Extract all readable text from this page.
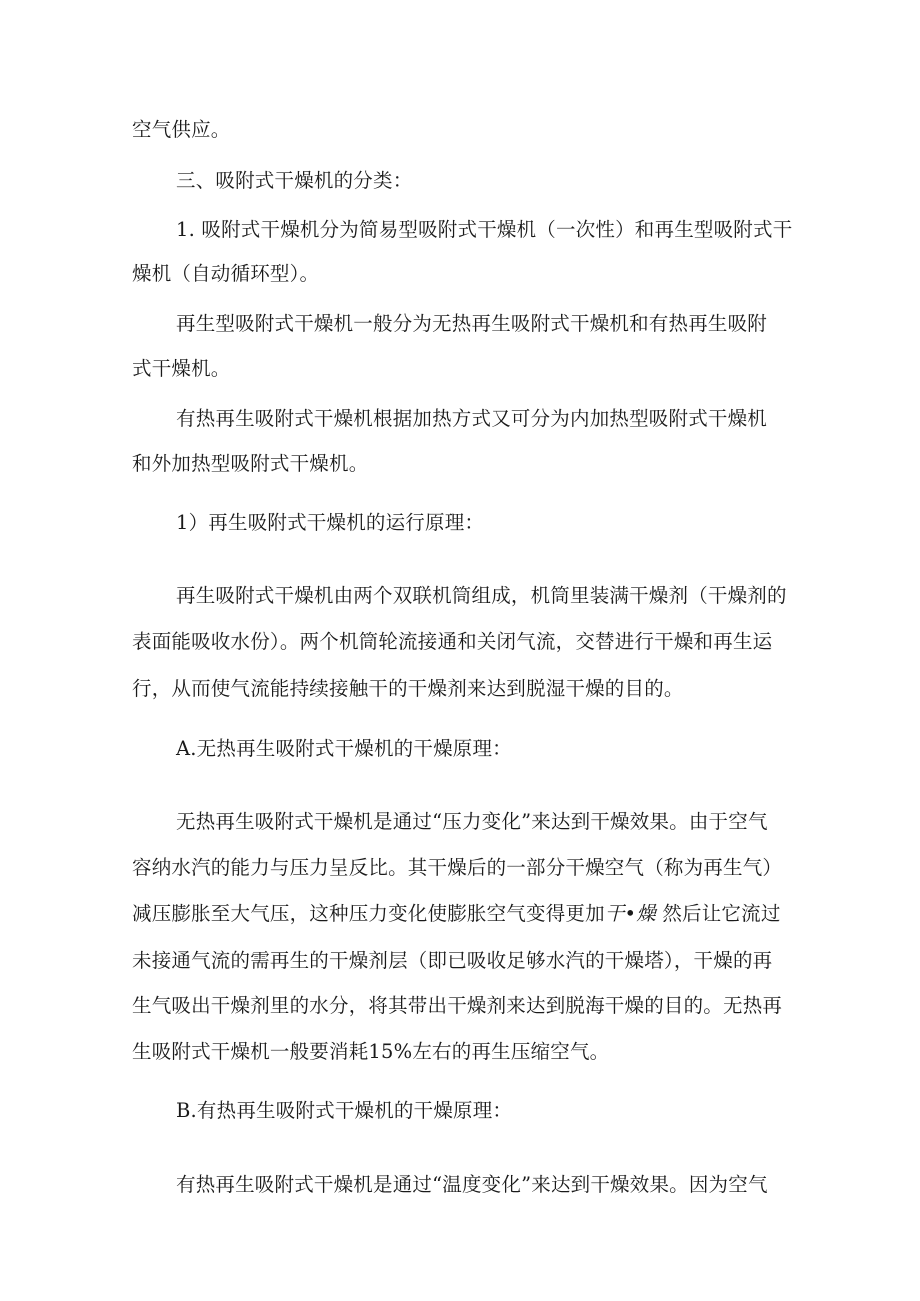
空气供应。

三、吸附式干燥机的分类：

1. 吸附式干燥机分为简易型吸附式干燥机（一次性）和再生型吸附式干

燥机（自动循环型）。

再生型吸附式干燥机一般分为无热再生吸附式干燥机和有热再生吸附

式干燥机。

有热再生吸附式干燥机根据加热方式又可分为内加热型吸附式干燥机

和外加热型吸附式干燥机。

1）再生吸附式干燥机的运行原理：

再生吸附式干燥机由两个双联机筒组成，机筒里装满干燥剂（干燥剂的

表面能吸收水份）。两个机筒轮流接通和关闭气流，交替进行干燥和再生运

行，从而使气流能持续接触干的干燥剂来达到脱湿干燥的目的。

A.无热再生吸附式干燥机的干燥原理：

无热再生吸附式干燥机是通过“压力变化”来达到干燥效果。由于空气

容纳水汽的能力与压力呈反比。其干燥后的一部分干燥空气（称为再生气）

减压膨胀至大气压，这种压力变化使膨胀空气变得更加干•燥 然后让它流过

未接通气流的需再生的干燥剂层（即已吸收足够水汽的干燥塔），干燥的再

生气吸出干燥剂里的水分，将其带出干燥剂来达到脱海干燥的目的。无热再

生吸附式干燥机一般要消耗15%左右的再生压缩空气。

B.有热再生吸附式干燥机的干燥原理：

有热再生吸附式干燥机是通过“温度变化”来达到干燥效果。因为空气
